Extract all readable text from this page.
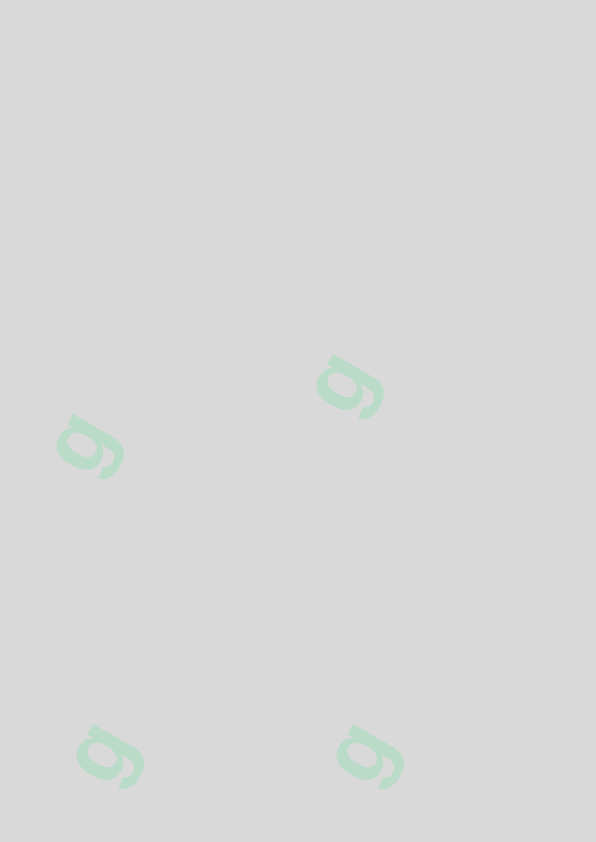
g
g
g g
